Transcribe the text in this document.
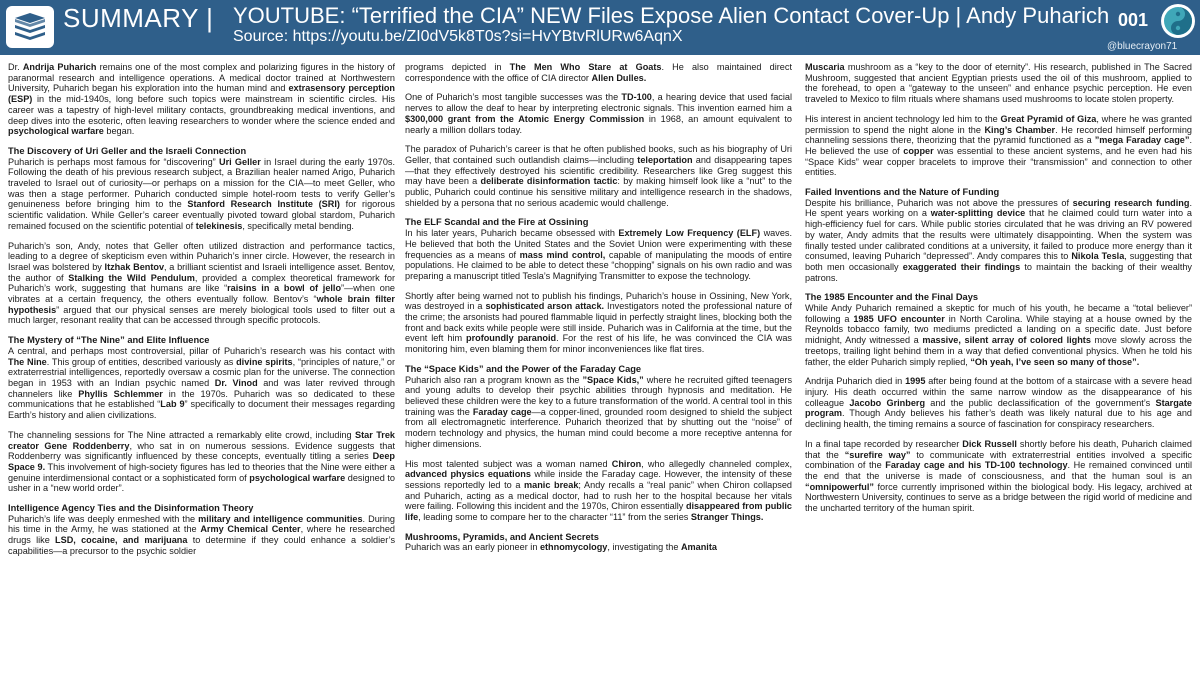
SUMMARY | YOUTUBE: “Terrified the CIA” NEW Files Expose Alien Contact Cover-Up | Andy Puharich
Source: https://youtu.be/ZI0dV5k8T0s?si=HvYBtvRlURw6AqnX
001
@bluecrayon71

Dr. Andrija Puharich remains one of the most complex and polarizing figures in the history of paranormal research and intelligence operations. A medical doctor trained at Northwestern University, Puharich began his exploration into the human mind and extrasensory perception (ESP) in the mid-1940s, long before such topics were mainstream in scientific circles. His career was a tapestry of high-level military contacts, groundbreaking medical inventions, and deep dives into the esoteric, often leaving researchers to wonder where the science ended and psychological warfare began.

The Discovery of Uri Geller and the Israeli Connection

Puharich is perhaps most famous for “discovering” Uri Geller in Israel during the early 1970s. Following the death of his previous research subject, a Brazilian healer named Arigo, Puharich traveled to Israel out of curiosity—or perhaps on a mission for the CIA—to meet Geller, who was then a stage performer. Puharich conducted simple hotel-room tests to verify Geller’s genuineness before bringing him to the Stanford Research Institute (SRI) for rigorous scientific validation. While Geller’s career eventually pivoted toward global stardom, Puharich remained focused on the scientific potential of telekinesis, specifically metal bending.

Puharich’s son, Andy, notes that Geller often utilized distraction and performance tactics, leading to a degree of skepticism even within Puharich’s inner circle. However, the research in Israel was bolstered by Itzhak Bentov, a brilliant scientist and Israeli intelligence asset. Bentov, the author of Stalking the Wild Pendulum, provided a complex theoretical framework for Puharich’s work, suggesting that humans are like “raisins in a bowl of jello”—when one vibrates at a certain frequency, the others eventually follow. Bentov’s “whole brain filter hypothesis” argued that our physical senses are merely biological tools used to filter out a much larger, resonant reality that can be accessed through specific protocols.

The Mystery of “The Nine” and Elite Influence

A central, and perhaps most controversial, pillar of Puharich’s research was his contact with The Nine. This group of entities, described variously as divine spirits, “principles of nature,” or extraterrestrial intelligences, reportedly oversaw a cosmic plan for the universe. The connection began in 1953 with an Indian psychic named Dr. Vinod and was later revived through channelers like Phyllis Schlemmer in the 1970s. Puharich was so dedicated to these communications that he established “Lab 9” specifically to document their messages regarding Earth’s history and alien civilizations.

The channeling sessions for The Nine attracted a remarkably elite crowd, including Star Trek creator Gene Roddenberry, who sat in on numerous sessions. Evidence suggests that Roddenberry was significantly influenced by these concepts, eventually titling a series Deep Space 9. This involvement of high-society figures has led to theories that the Nine were either a genuine interdimensional contact or a sophisticated form of psychological warfare designed to usher in a “new world order”.

Intelligence Agency Ties and the Disinformation Theory

Puharich’s life was deeply enmeshed with the military and intelligence communities. During his time in the Army, he was stationed at the Army Chemical Center, where he researched drugs like LSD, cocaine, and marijuana to determine if they could enhance a soldier’s capabilities—a precursor to the psychic soldier

programs depicted in The Men Who Stare at Goats. He also maintained direct correspondence with the office of CIA director Allen Dulles.

One of Puharich’s most tangible successes was the TD-100, a hearing device that used facial nerves to allow the deaf to hear by interpreting electronic signals. This invention earned him a $300,000 grant from the Atomic Energy Commission in 1968, an amount equivalent to nearly a million dollars today.

The paradox of Puharich’s career is that he often published books, such as his biography of Uri Geller, that contained such outlandish claims—including teleportation and disappearing tapes—that they effectively destroyed his scientific credibility. Researchers like Greg suggest this may have been a deliberate disinformation tactic: by making himself look like a “nut” to the public, Puharich could continue his sensitive military and intelligence research in the shadows, shielded by a persona that no serious academic would challenge.

The ELF Scandal and the Fire at Ossining

In his later years, Puharich became obsessed with Extremely Low Frequency (ELF) waves. He believed that both the United States and the Soviet Union were experimenting with these frequencies as a means of mass mind control, capable of manipulating the moods of entire populations. He claimed to be able to detect these “chopping” signals on his own radio and was preparing a manuscript titled Tesla’s Magnifying Transmitter to expose the technology.

Shortly after being warned not to publish his findings, Puharich’s house in Ossining, New York, was destroyed in a sophisticated arson attack. Investigators noted the professional nature of the crime; the arsonists had poured flammable liquid in perfectly straight lines, blocking both the front and back exits while people were still inside. Puharich was in California at the time, but the event left him profoundly paranoid. For the rest of his life, he was convinced the CIA was monitoring him, even blaming them for minor inconveniences like flat tires.

The “Space Kids” and the Power of the Faraday Cage

Puharich also ran a program known as the ”Space Kids,” where he recruited gifted teenagers and young adults to develop their psychic abilities through hypnosis and meditation. He believed these children were the key to a future transformation of the world. A central tool in this training was the Faraday cage—a copper-lined, grounded room designed to shield the subject from all electromagnetic interference. Puharich theorized that by shutting out the “noise” of modern technology and physics, the human mind could become a more receptive antenna for higher dimensions.

His most talented subject was a woman named Chiron, who allegedly channeled complex, advanced physics equations while inside the Faraday cage. However, the intensity of these sessions reportedly led to a manic break; Andy recalls a “real panic” when Chiron collapsed and Puharich, acting as a medical doctor, had to rush her to the hospital because her vitals were failing. Following this incident and the 1970s, Chiron essentially disappeared from public life, leading some to compare her to the character “11” from the series Stranger Things.

Mushrooms, Pyramids, and Ancient Secrets

Puharich was an early pioneer in ethnomycology, investigating the Amanita

Muscaria mushroom as a “key to the door of eternity”. His research, published in The Sacred Mushroom, suggested that ancient Egyptian priests used the oil of this mushroom, applied to the forehead, to open a “gateway to the unseen” and enhance psychic perception. He even traveled to Mexico to film rituals where shamans used mushrooms to locate stolen property.

His interest in ancient technology led him to the Great Pyramid of Giza, where he was granted permission to spend the night alone in the King’s Chamber. He recorded himself performing channeling sessions there, theorizing that the pyramid functioned as a ”mega Faraday cage”. He believed the use of copper was essential to these ancient systems, and he even had his “Space Kids” wear copper bracelets to improve their “transmission” and connection to other entities.

Failed Inventions and the Nature of Funding

Despite his brilliance, Puharich was not above the pressures of securing research funding. He spent years working on a water-splitting device that he claimed could turn water into a high-efficiency fuel for cars. While public stories circulated that he was driving an RV powered by water, Andy admits that the results were ultimately disappointing. When the system was finally tested under calibrated conditions at a university, it failed to produce more energy than it consumed, leaving Puharich “depressed”. Andy compares this to Nikola Tesla, suggesting that both men occasionally exaggerated their findings to maintain the backing of their wealthy patrons.

The 1985 Encounter and the Final Days

While Andy Puharich remained a skeptic for much of his youth, he became a “total believer” following a 1985 UFO encounter in North Carolina. While staying at a house owned by the Reynolds tobacco family, two mediums predicted a landing on a specific date. Just before midnight, Andy witnessed a massive, silent array of colored lights move slowly across the treetops, trailing light behind them in a way that defied conventional physics. When he told his father, the elder Puharich simply replied, “Oh yeah, I’ve seen so many of those”.

Andrija Puharich died in 1995 after being found at the bottom of a staircase with a severe head injury. His death occurred within the same narrow window as the disappearance of his colleague Jacobo Grinberg and the public declassification of the government’s Stargate program. Though Andy believes his father’s death was likely natural due to his age and declining health, the timing remains a source of fascination for conspiracy researchers.

In a final tape recorded by researcher Dick Russell shortly before his death, Puharich claimed that the “surefire way” to communicate with extraterrestrial entities involved a specific combination of the Faraday cage and his TD-100 technology. He remained convinced until the end that the universe is made of consciousness, and that the human soul is an “omnipowerful” force currently imprisoned within the biological body. His legacy, archived at Northwestern University, continues to serve as a bridge between the rigid world of medicine and the uncharted territory of the human spirit.
